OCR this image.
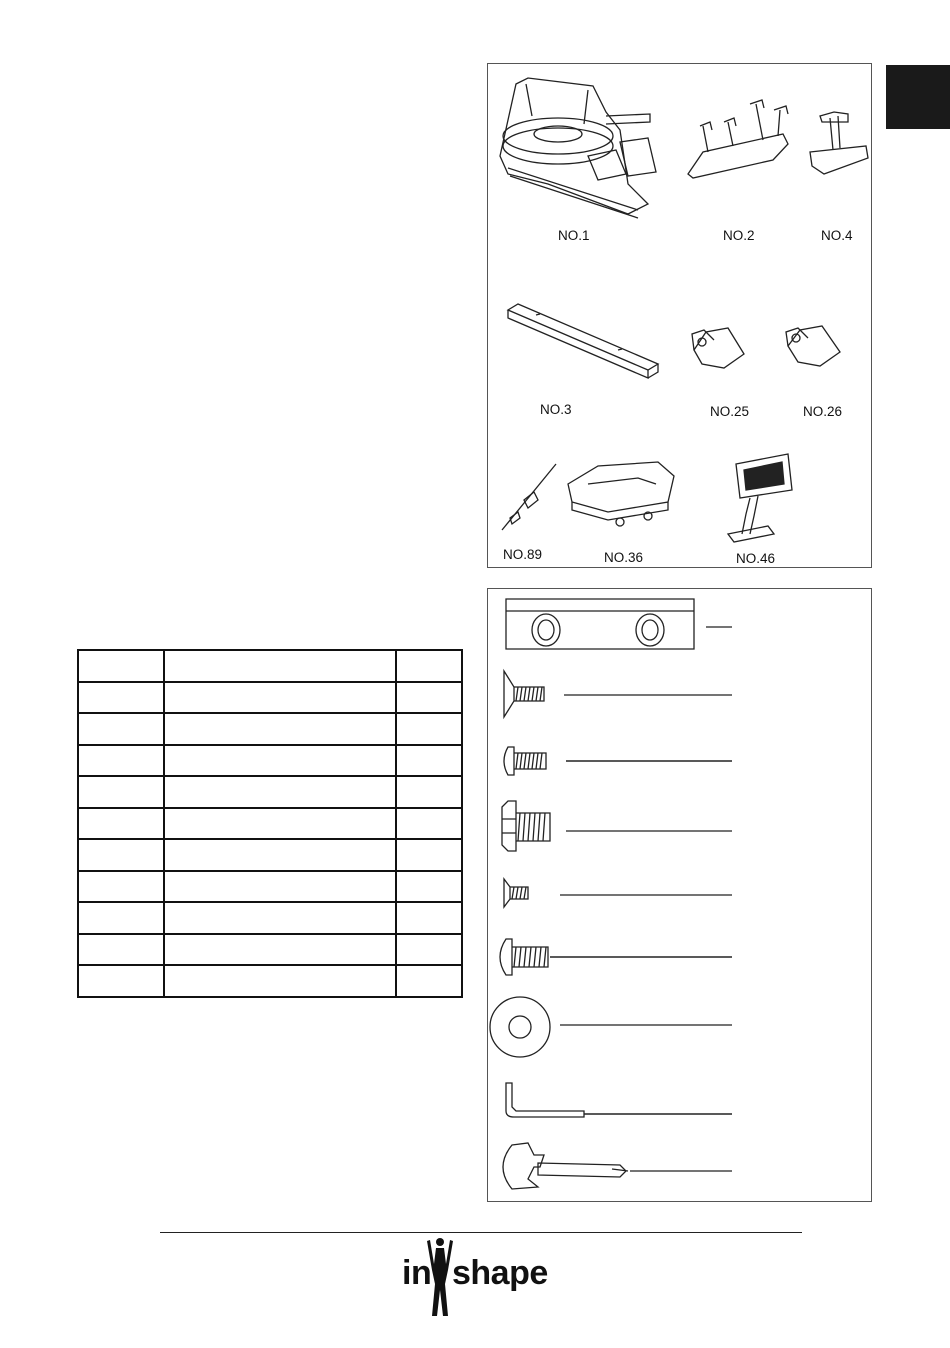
NO.1	NO.2	NO.4
NO.3	NO.25	NO.26
NO.89	NO.36	NO.46

in shape
